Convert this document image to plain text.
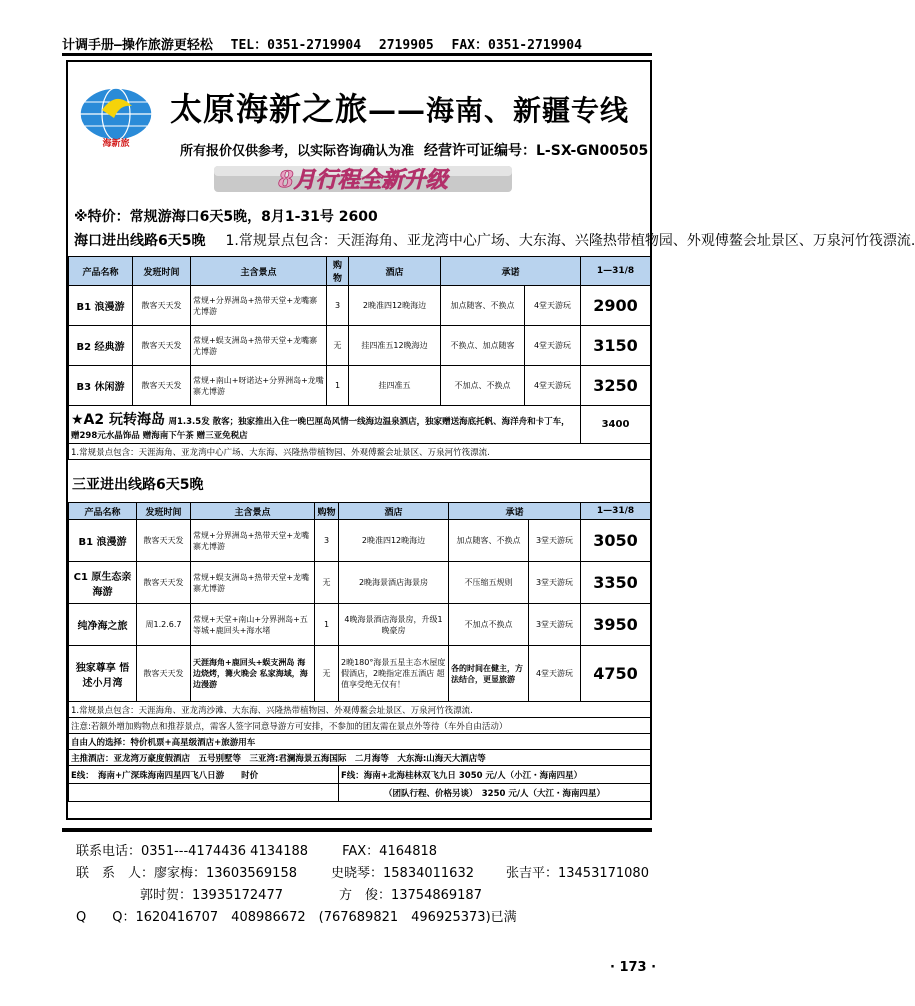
计调手册—操作旅游更轻松 TEL：0351-2719904 2719905 FAX：0351-2719904
海新旅
太原海新之旅——海南、新疆专线
所有报价仅供参考，以实际咨询确认为准 经营许可证编号：L-SX-GN00505
8月行程全新升级
※特价：常规游海口6天5晚，8月1-31号 2600
海口进出线路6天5晚 1.常规景点包含：天涯海角、亚龙湾中心广场、大东海、兴隆热带植物园、外观傅鳌会址景区、万泉河竹筏漂流.
产品名称	发班时间	主含景点	购物	酒店	承诺		1—31/8
B1 浪漫游	散客天天发	常规+分界洲岛+热带天堂+龙嘴寨尤博游	3	2晚准四12晚海边	加点随客、不换点	4堂天游玩	2900
B2 经典游	散客天天发	常规+蜈支洲岛+热带天堂+龙嘴寨尤博游	无	挂四准五12晚海边	不换点、加点随客	4堂天游玩	3150
B3 休闲游	散客天天发	常规+南山+呀诺达+分界洲岛+龙嘴寨尤博游	1	挂四准五	不加点、不换点	4堂天游玩	3250
★A2 玩转海岛 周1.3.5发 散客；独家推出入住一晚巴厘岛风情一线海边温泉酒店，独家赠送海底托帆、海洋舟和卡丁车，赠298元水晶饰品 赠海南下午茶 赠三亚免税店							3400
1.常规景点包含：天涯海角、亚龙湾中心广场、大东海、兴隆热带植物园、外观傅鳌会址景区、万泉河竹筏漂流.							
三亚进出线路6天5晚
产品名称	发班时间	主含景点	购物	酒店	承诺		1—31/8
B1 浪漫游	散客天天发	常规+分界洲岛+热带天堂+龙嘴寨尤博游	3	2晚准四12晚海边	加点随客、不换点	3堂天游玩	3050
C1 原生态亲海游	散客天天发	常规+蜈支洲岛+热带天堂+龙嘴寨尤博游	无	2晚海景酒店海景房	不压缩五规则	3堂天游玩	3350
纯净海之旅	周1.2.6.7	常规+天堂+南山+分界洲岛+五等城+鹿回头+海水堵	1	4晚海景酒店海景房，升级1晚豪房	不加点不换点	3堂天游玩	3950
独家尊享 悟述小月湾	散客天天发	天涯海角+鹿回头+蜈支洲岛 海边烧烤，篝火晚会 私家海域，海边漫游	无	2晚180°海景五星主态木屋度假酒店，2晚指定准五酒店 超值享受绝无仅有！	各的时间在健主，方法结合，更显旅游	4堂天游玩	4750
1.常规景点包含：天涯海角、亚龙湾沙滩、大东海、兴隆热带植物园、外观傅鳌会址景区、万泉河竹筏漂流.							
注意:若额外增加购物点和推荐景点，需客人签字同意导游方可安排，不参加的团友需在景点外等待（车外自由活动）							
自由人的选择：特价机票+高星级酒店+旅游用车							
主推酒店：亚龙湾万豪度假酒店　五号别墅等　三亚湾:君澜海景五海国际　二月海等　大东海:山海天大酒店等							
E线：　海南+广深珠海南四星四飞八日游　　时价				F线：海南+北海桂林双飞九日 3050 元/人（小江・海南四星）			
				（团队行程、价格另谈）　3250 元/人（大江・海南四星）			
联系电话：0351---4174436 4134188	FAX：4164818
联　系　人：廖家梅：13603569158	史晓琴：15834011632 张吉平：13453171080
郭时贺：13935172477	方　俊：13754869187
Q　　Q：1620416707　408986672　(767689821　496925373)已满
· 173 ·
